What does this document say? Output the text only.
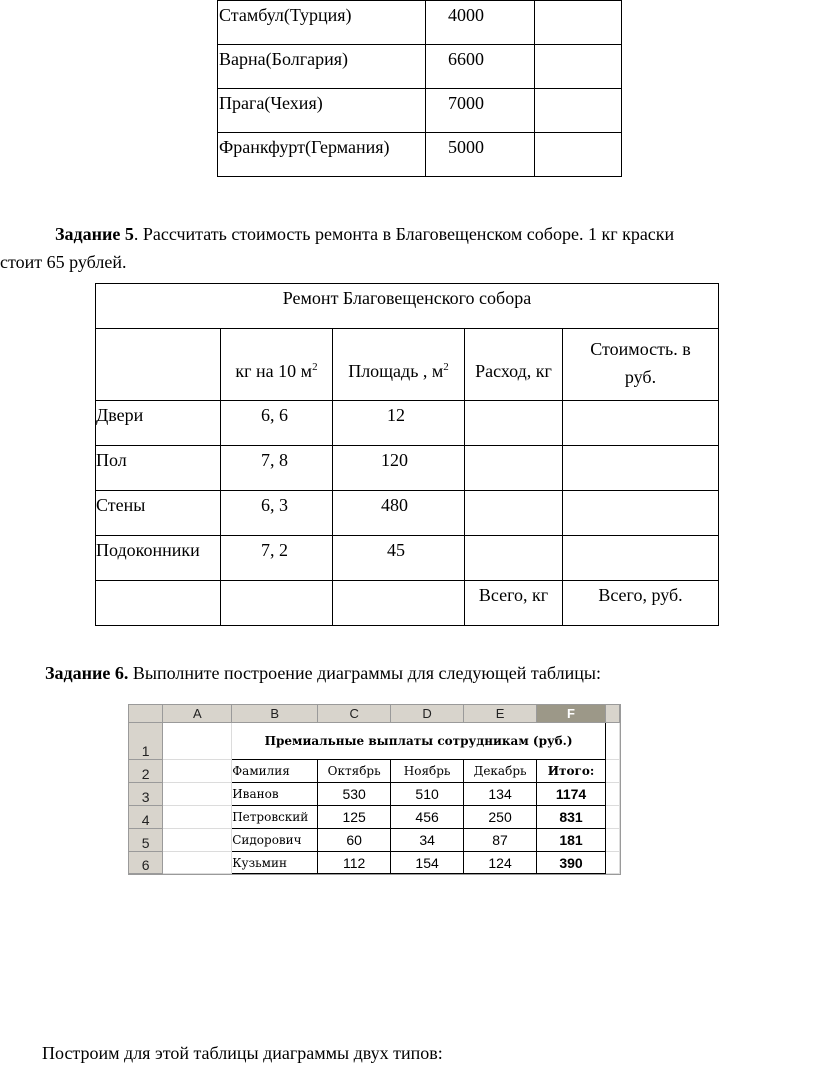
Стамбул(Турция)	4000	
Варна(Болгария)	6600	
Прага(Чехия)	7000	
Франкфурт(Германия)	5000	
Задание 5. Рассчитать стоимость ремонта в Благовещенском соборе. 1 кг краски
стоит 65 рублей.
Ремонт Благовещенского собора				
	кг на 10 $м^2$	Площадь , $м^2$	Расход, кг	Стоимость. в
руб.

Двери	6, 6	12		
Пол	7, 8	120		
Стены	6, 3	480		
Подоконники	7, 2	45		
			Всего, кг	Всего, руб.
Задание 6. Выполните построение диаграммы для следующей таблицы:
	A	B	C	D	E	F	
1		Премиальные выплаты сотрудникам (руб.)					
2		Фамилия	Октябрь	Ноябрь	Декабрь	Итого:	
3		Иванов	530	510	134	1174	
4		Петровский	125	456	250	831	
5		Сидорович	60	34	87	181	
6		Кузьмин	112	154	124	390	

Построим для этой таблицы диаграммы двух типов:
